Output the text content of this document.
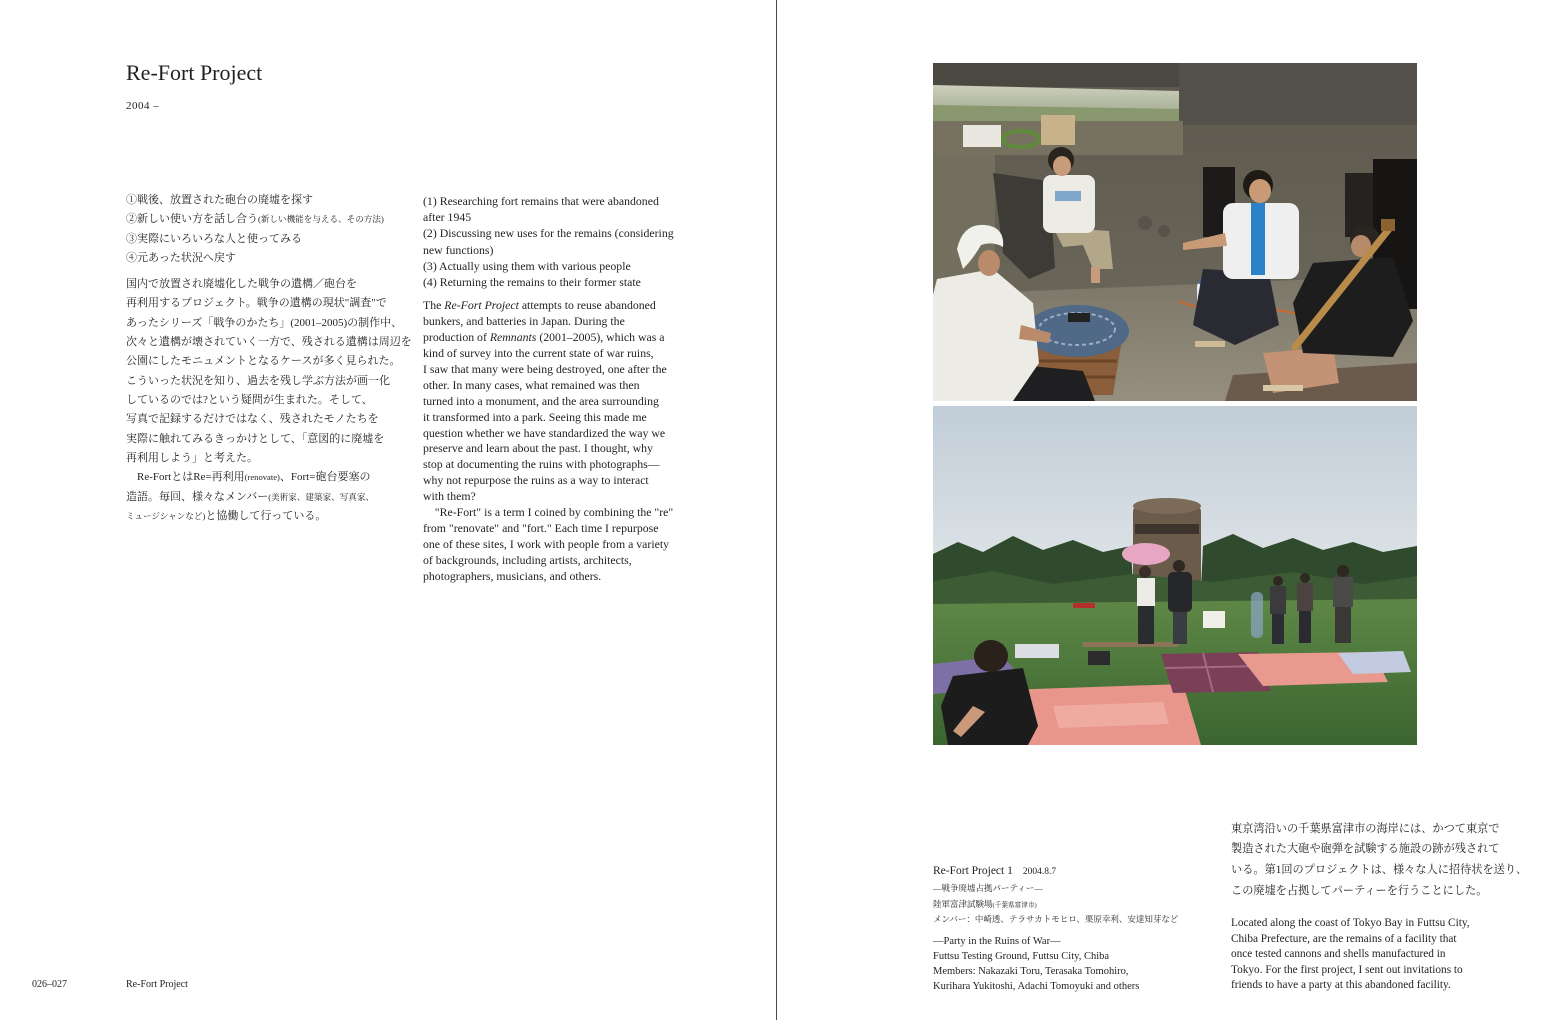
Re-Fort Project
2004 –
①戦後、放置された砲台の廃墟を探す
②新しい使い方を話し合う(新しい機能を与える、その方法)
③実際にいろいろな人と使ってみる
④元あった状況へ戻す
国内で放置され廃墟化した戦争の遺構／砲台を
再利用するプロジェクト。戦争の遺構の現状"調査"で
あったシリーズ「戦争のかたち」(2001–2005)の制作中、
次々と遺構が壊されていく一方で、残される遺構は周辺を
公園にしたモニュメントとなるケースが多く見られた。
こういった状況を知り、過去を残し学ぶ方法が画一化
しているのでは?という疑問が生まれた。そして、
写真で記録するだけではなく、残されたモノたちを
実際に触れてみるきっかけとして、「意図的に廃墟を
再利用しよう」と考えた。
　Re-FortとはRe=再利用(renovate)、Fort=砲台要塞の
造語。毎回、様々なメンバー(美術家、建築家、写真家、
ミュージシャンなど)と協働して行っている。
(1) Researching fort remains that were abandoned
after 1945
(2) Discussing new uses for the remains (considering
new functions)
(3) Actually using them with various people
(4) Returning the remains to their former state
The Re-Fort Project attempts to reuse abandoned
bunkers, and batteries in Japan. During the
production of Remnants (2001–2005), which was a
kind of survey into the current state of war ruins,
I saw that many were being destroyed, one after the
other. In many cases, what remained was then
turned into a monument, and the area surrounding
it transformed into a park. Seeing this made me
question whether we have standardized the way we
preserve and learn about the past. I thought, why
stop at documenting the ruins with photographs—
why not repurpose the ruins as a way to interact
with them?
 "Re-Fort" is a term I coined by combining the "re"
from "renovate" and "fort." Each time I repurpose
one of these sites, I work with people from a variety
of backgrounds, including artists, architects,
photographers, musicians, and others.
026–027	Re-Fort Project
Re-Fort Project 1 2004.8.7
—戦争廃墟占拠パーティー—
陸軍富津試験場(千葉県富津市)
メンバー：中崎透、テラサカトモヒロ、栗原幸利、安達知芽など
—Party in the Ruins of War—
Futtsu Testing Ground, Futtsu City, Chiba
Members: Nakazaki Toru, Terasaka Tomohiro,
Kurihara Yukitoshi, Adachi Tomoyuki and others
東京湾沿いの千葉県富津市の海岸には、かつて東京で
製造された大砲や砲弾を試験する施設の跡が残されて
いる。第1回のプロジェクトは、様々な人に招待状を送り、
この廃墟を占拠してパーティーを行うことにした。
Located along the coast of Tokyo Bay in Futtsu City,
Chiba Prefecture, are the remains of a facility that
once tested cannons and shells manufactured in
Tokyo. For the first project, I sent out invitations to
friends to have a party at this abandoned facility.
